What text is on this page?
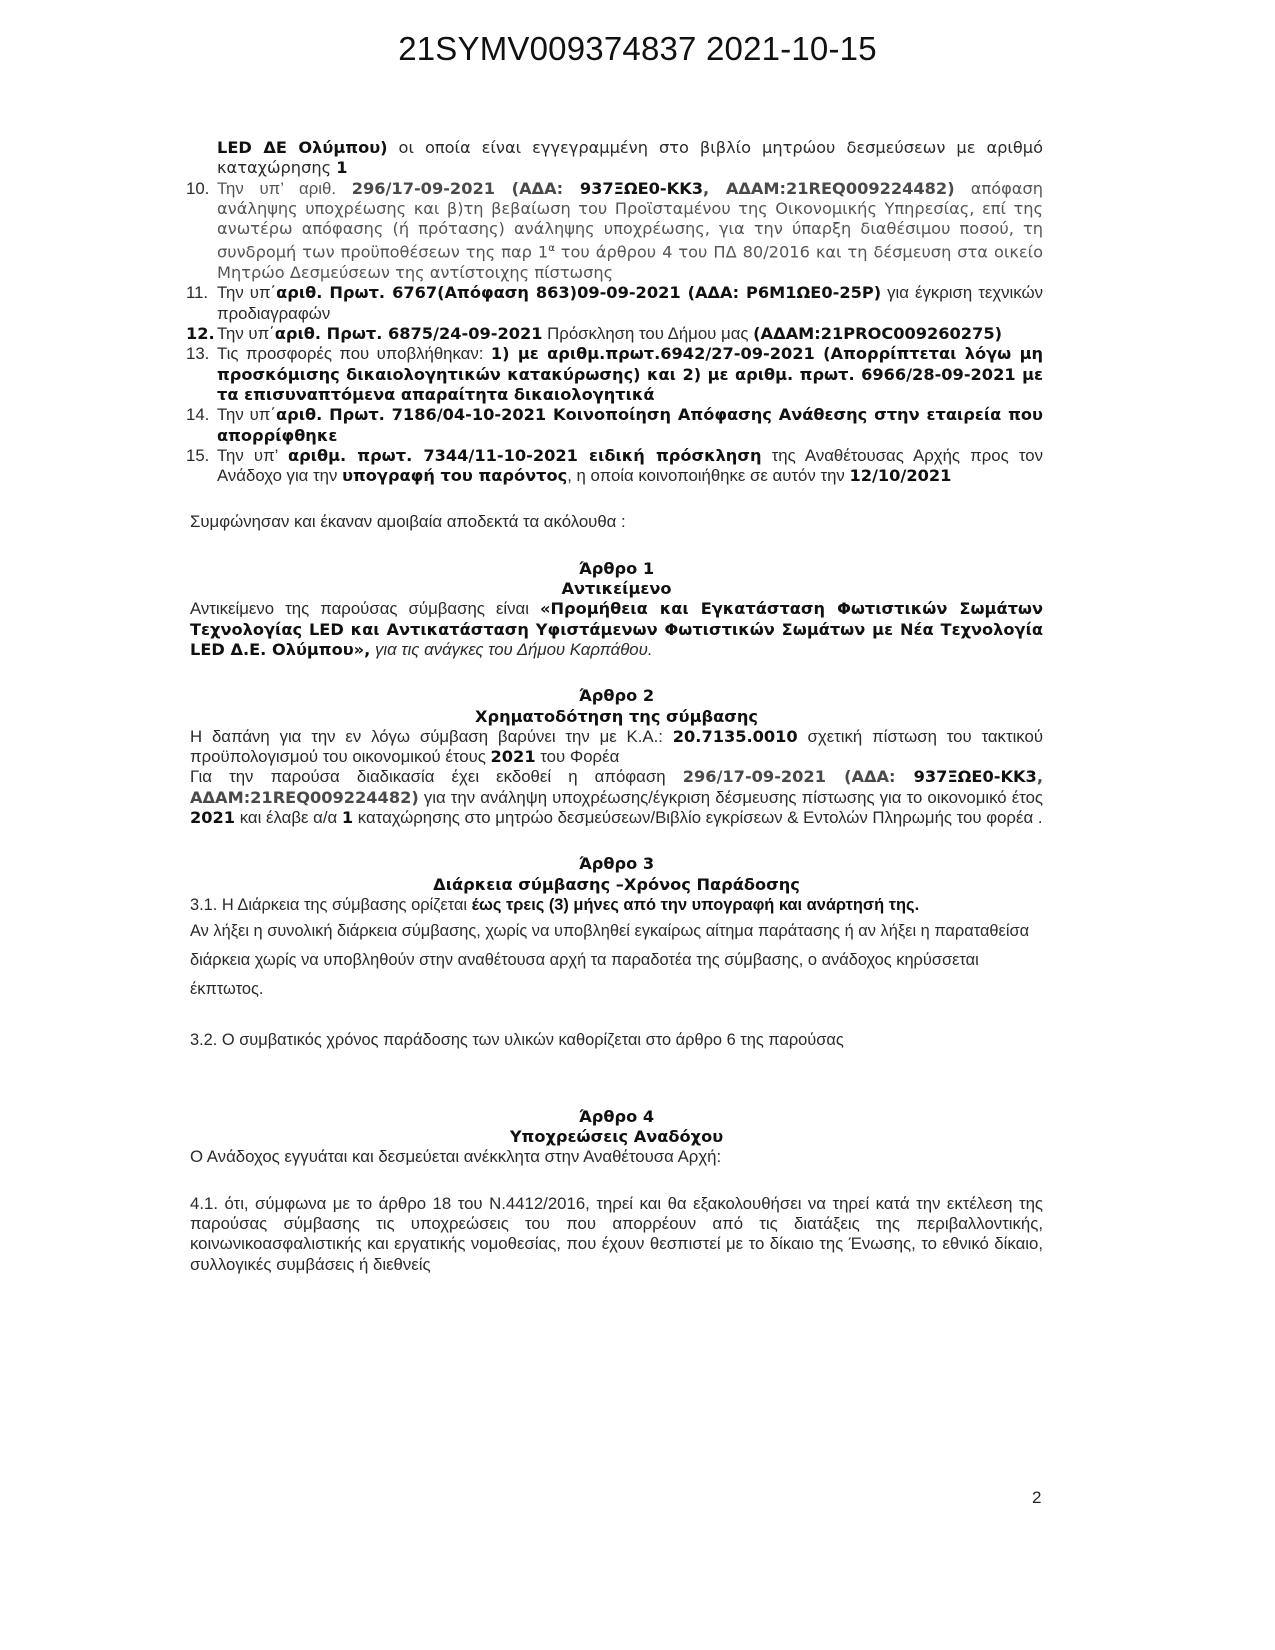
21SYMV009374837 2021-10-15

LED ΔΕ Ολύμπου) οι οποία είναι εγγεγραμμένη στο βιβλίο μητρώου δεσμεύσεων με αριθμό καταχώρησης 1

10. Την υπ’ αριθ. 296/17-09-2021 (ΑΔΑ: 937ΞΩΕ0-ΚΚ3, ΑΔΑΜ:21REQ009224482) απόφαση ανάληψης υποχρέωσης και β)τη βεβαίωση του Προϊσταμένου της Οικονομικής Υπηρεσίας, επί της ανωτέρω απόφασης (ή πρότασης) ανάληψης υποχρέωσης, για την ύπαρξη διαθέσιμου ποσού, τη συνδρομή των προϋποθέσεων της παρ $1^\alpha$ του άρθρου 4 του ΠΔ 80/2016 και τη δέσμευση στα οικείο Μητρώο Δεσμεύσεων της αντίστοιχης πίστωσης

11. Την υπ΄αριθ. Πρωτ. 6767(Απόφαση 863)09-09-2021 (ΑΔΑ: Ρ6Μ1ΩΕ0-25Ρ) για έγκριση τεχνικών προδιαγραφών

12. Την υπ΄αριθ. Πρωτ. 6875/24-09-2021 Πρόσκληση του Δήμου μας (ΑΔΑΜ:21PROC009260275)

13. Τις προσφορές που υποβλήθηκαν: 1) με αριθμ.πρωτ.6942/27-09-2021 (Απορρίπτεται λόγω μη προσκόμισης δικαιολογητικών κατακύρωσης) και 2) με αριθμ. πρωτ. 6966/28-09-2021 με τα επισυναπτόμενα απαραίτητα δικαιολογητικά

14. Την υπ΄αριθ. Πρωτ. 7186/04-10-2021 Κοινοποίηση Απόφασης Ανάθεσης στην εταιρεία που απορρίφθηκε

15. Την υπ’ αριθμ. πρωτ. 7344/11-10-2021 ειδική πρόσκληση της Αναθέτουσας Αρχής προς τον Ανάδοχο για την υπογραφή του παρόντος, η οποία κοινοποιήθηκε σε αυτόν την 12/10/2021

Συμφώνησαν και έκαναν αμοιβαία αποδεκτά τα ακόλουθα :

Άρθρο 1

Αντικείμενο

Αντικείμενο της παρούσας σύμβασης είναι «Προμήθεια και Εγκατάσταση Φωτιστικών Σωμάτων Τεχνολογίας LED και Αντικατάσταση Υφιστάμενων Φωτιστικών Σωμάτων με Νέα Τεχνολογία LED Δ.Ε. Ολύμπου», για τις ανάγκες του Δήμου Καρπάθου.

Άρθρο 2

Χρηματοδότηση της σύμβασης

Η δαπάνη για την εν λόγω σύμβαση βαρύνει την με Κ.Α.: 20.7135.0010 σχετική πίστωση του τακτικού προϋπολογισμού του οικονομικού έτους 2021 του Φορέα

Για την παρούσα διαδικασία έχει εκδοθεί η απόφαση 296/17-09-2021 (ΑΔΑ: 937ΞΩΕ0-ΚΚ3, ΑΔΑΜ:21REQ009224482) για την ανάληψη υποχρέωσης/έγκριση δέσμευσης πίστωσης για το οικονομικό έτος 2021 και έλαβε α/α 1 καταχώρησης στο μητρώο δεσμεύσεων/Βιβλίο εγκρίσεων & Εντολών Πληρωμής του φορέα .

Άρθρο 3

Διάρκεια σύμβασης –Χρόνος Παράδοσης

3.1. Η Διάρκεια της σύμβασης ορίζεται έως τρεις (3) μήνες από την υπογραφή και ανάρτησή της.

Αν λήξει η συνολική διάρκεια σύμβασης, χωρίς να υποβληθεί εγκαίρως αίτημα παράτασης ή αν λήξει η παραταθείσα διάρκεια χωρίς να υποβληθούν στην αναθέτουσα αρχή τα παραδοτέα της σύμβασης, ο ανάδοχος κηρύσσεται έκπτωτος.

3.2. Ο συμβατικός χρόνος παράδοσης των υλικών καθορίζεται στο άρθρο 6 της παρούσας

Άρθρο 4

Υποχρεώσεις Αναδόχου

Ο Ανάδοχος εγγυάται και δεσμεύεται ανέκκλητα στην Αναθέτουσα Αρχή:

4.1. ότι, σύμφωνα με το άρθρο 18 του Ν.4412/2016, τηρεί και θα εξακολουθήσει να τηρεί κατά την εκτέλεση της παρούσας σύμβασης τις υποχρεώσεις του που απορρέουν από τις διατάξεις της περιβαλλοντικής, κοινωνικοασφαλιστικής και εργατικής νομοθεσίας, που έχουν θεσπιστεί με το δίκαιο της Ένωσης, το εθνικό δίκαιο, συλλογικές συμβάσεις ή διεθνείς

2
